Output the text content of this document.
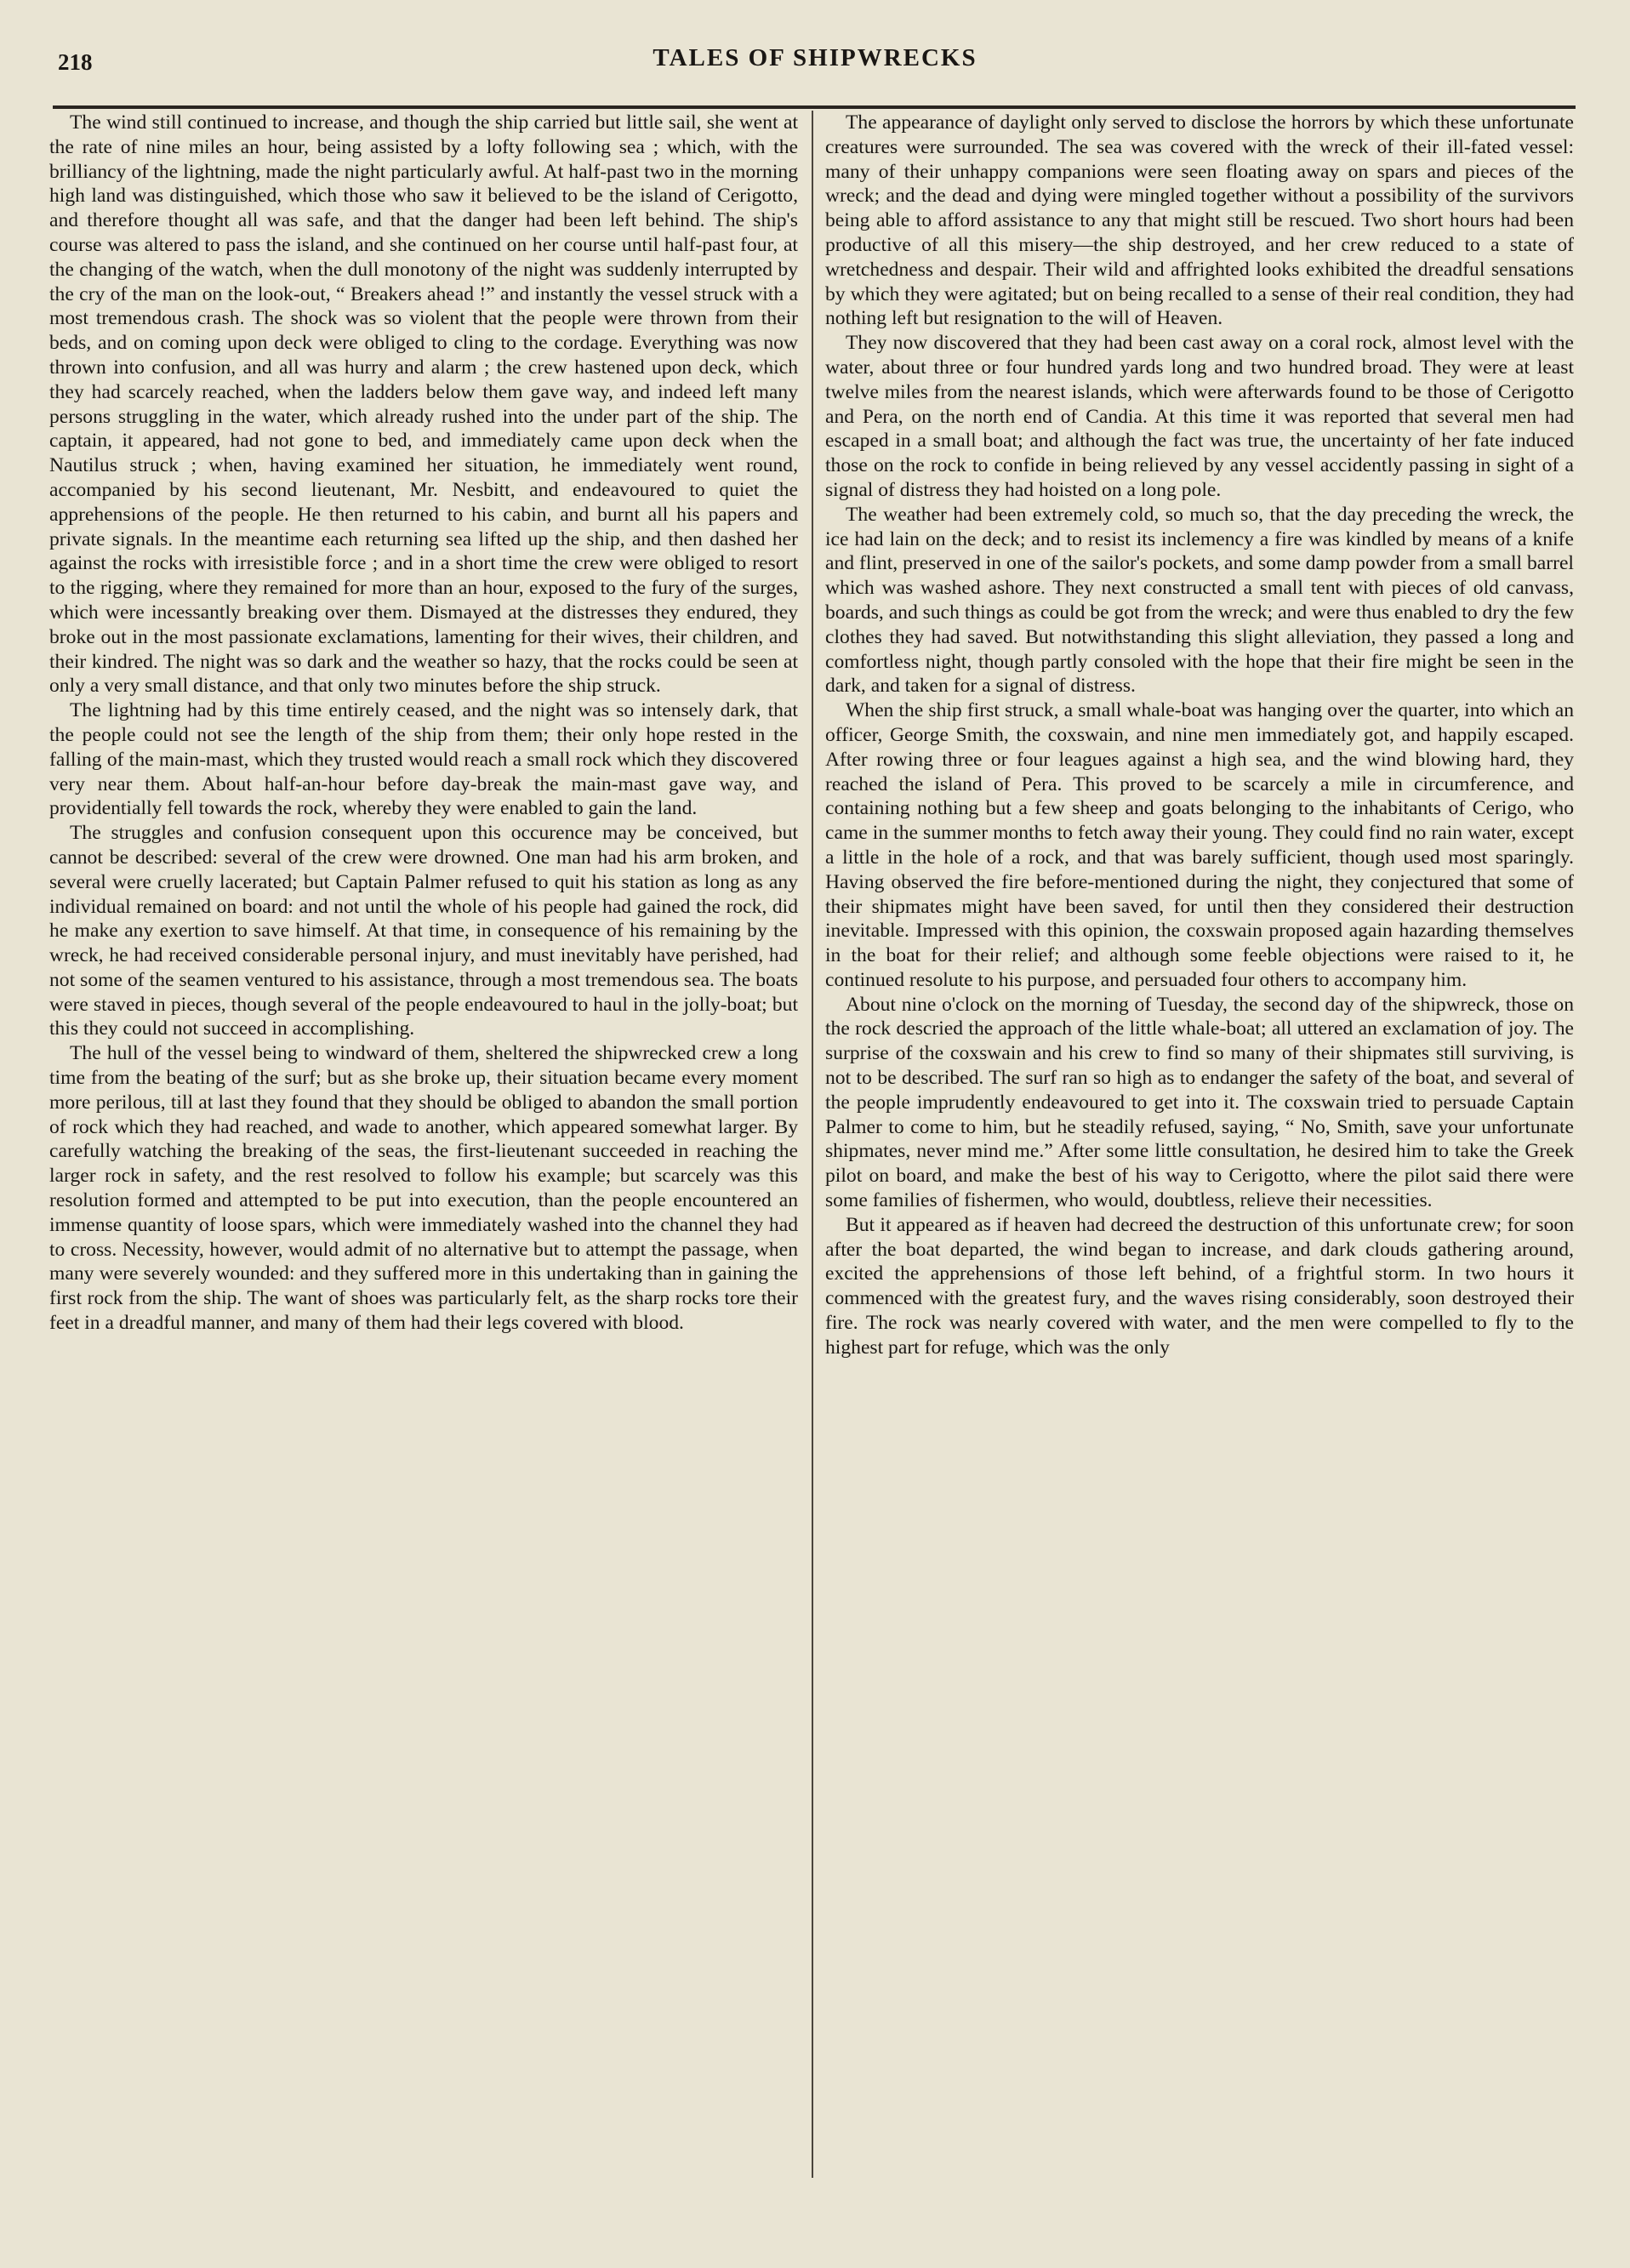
218	TALES OF SHIPWRECKS

The wind still continued to increase, and though the ship carried but little sail, she went at the rate of nine miles an hour, being assisted by a lofty following sea ; which, with the brilliancy of the lightning, made the night particularly awful. At half-past two in the morning high land was distinguished, which those who saw it believed to be the island of Cerigotto, and therefore thought all was safe, and that the danger had been left behind. The ship's course was altered to pass the island, and she continued on her course until half-past four, at the changing of the watch, when the dull monotony of the night was suddenly interrupted by the cry of the man on the look-out, “ Breakers ahead !” and instantly the vessel struck with a most tremendous crash. The shock was so violent that the people were thrown from their beds, and on coming upon deck were obliged to cling to the cordage. Everything was now thrown into confusion, and all was hurry and alarm ; the crew hastened upon deck, which they had scarcely reached, when the ladders below them gave way, and indeed left many persons struggling in the water, which already rushed into the under part of the ship. The captain, it appeared, had not gone to bed, and immediately came upon deck when the Nautilus struck ; when, having examined her situation, he immediately went round, accompanied by his second lieutenant, Mr. Nesbitt, and endeavoured to quiet the apprehensions of the people. He then returned to his cabin, and burnt all his papers and private signals. In the meantime each returning sea lifted up the ship, and then dashed her against the rocks with irresistible force ; and in a short time the crew were obliged to resort to the rigging, where they remained for more than an hour, exposed to the fury of the surges, which were incessantly breaking over them. Dismayed at the distresses they endured, they broke out in the most passionate exclamations, lamenting for their wives, their children, and their kindred. The night was so dark and the weather so hazy, that the rocks could be seen at only a very small distance, and that only two minutes before the ship struck.

The lightning had by this time entirely ceased, and the night was so intensely dark, that the people could not see the length of the ship from them; their only hope rested in the falling of the main-mast, which they trusted would reach a small rock which they discovered very near them. About half-an-hour before day-break the main-mast gave way, and providentially fell towards the rock, whereby they were enabled to gain the land.

The struggles and confusion consequent upon this occurence may be conceived, but cannot be described: several of the crew were drowned. One man had his arm broken, and several were cruelly lacerated; but Captain Palmer refused to quit his station as long as any individual remained on board: and not until the whole of his people had gained the rock, did he make any exertion to save himself. At that time, in consequence of his remaining by the wreck, he had received considerable personal injury, and must inevitably have perished, had not some of the seamen ventured to his assistance, through a most tremendous sea. The boats were staved in pieces, though several of the people endeavoured to haul in the jolly-boat; but this they could not succeed in accomplishing.

The hull of the vessel being to windward of them, sheltered the shipwrecked crew a long time from the beating of the surf; but as she broke up, their situation became every moment more perilous, till at last they found that they should be obliged to abandon the small portion of rock which they had reached, and wade to another, which appeared somewhat larger. By carefully watching the breaking of the seas, the first-lieutenant succeeded in reaching the larger rock in safety, and the rest resolved to follow his example; but scarcely was this resolution formed and attempted to be put into execution, than the people encountered an immense quantity of loose spars, which were immediately washed into the channel they had to cross. Necessity, however, would admit of no alternative but to attempt the passage, when many were severely wounded: and they suffered more in this undertaking than in gaining the first rock from the ship. The want of shoes was particularly felt, as the sharp rocks tore their feet in a dreadful manner, and many of them had their legs covered with blood.

The appearance of daylight only served to disclose the horrors by which these unfortunate creatures were surrounded. The sea was covered with the wreck of their ill-fated vessel: many of their unhappy companions were seen floating away on spars and pieces of the wreck; and the dead and dying were mingled together without a possibility of the survivors being able to afford assistance to any that might still be rescued. Two short hours had been productive of all this misery—the ship destroyed, and her crew reduced to a state of wretchedness and despair. Their wild and affrighted looks exhibited the dreadful sensations by which they were agitated; but on being recalled to a sense of their real condition, they had nothing left but resignation to the will of Heaven.

They now discovered that they had been cast away on a coral rock, almost level with the water, about three or four hundred yards long and two hundred broad. They were at least twelve miles from the nearest islands, which were afterwards found to be those of Cerigotto and Pera, on the north end of Candia. At this time it was reported that several men had escaped in a small boat; and although the fact was true, the uncertainty of her fate induced those on the rock to confide in being relieved by any vessel accidently passing in sight of a signal of distress they had hoisted on a long pole.

The weather had been extremely cold, so much so, that the day preceding the wreck, the ice had lain on the deck; and to resist its inclemency a fire was kindled by means of a knife and flint, preserved in one of the sailor's pockets, and some damp powder from a small barrel which was washed ashore. They next constructed a small tent with pieces of old canvass, boards, and such things as could be got from the wreck; and were thus enabled to dry the few clothes they had saved. But notwithstanding this slight alleviation, they passed a long and comfortless night, though partly consoled with the hope that their fire might be seen in the dark, and taken for a signal of distress.

When the ship first struck, a small whale-boat was hanging over the quarter, into which an officer, George Smith, the coxswain, and nine men immediately got, and happily escaped. After rowing three or four leagues against a high sea, and the wind blowing hard, they reached the island of Pera. This proved to be scarcely a mile in circumference, and containing nothing but a few sheep and goats belonging to the inhabitants of Cerigo, who came in the summer months to fetch away their young. They could find no rain water, except a little in the hole of a rock, and that was barely sufficient, though used most sparingly. Having observed the fire before-mentioned during the night, they conjectured that some of their shipmates might have been saved, for until then they considered their destruction inevitable. Impressed with this opinion, the coxswain proposed again hazarding themselves in the boat for their relief; and although some feeble objections were raised to it, he continued resolute to his purpose, and persuaded four others to accompany him.

About nine o'clock on the morning of Tuesday, the second day of the shipwreck, those on the rock descried the approach of the little whale-boat; all uttered an exclamation of joy. The surprise of the coxswain and his crew to find so many of their shipmates still surviving, is not to be described. The surf ran so high as to endanger the safety of the boat, and several of the people imprudently endeavoured to get into it. The coxswain tried to persuade Captain Palmer to come to him, but he steadily refused, saying, “ No, Smith, save your unfortunate shipmates, never mind me.” After some little consultation, he desired him to take the Greek pilot on board, and make the best of his way to Cerigotto, where the pilot said there were some families of fishermen, who would, doubtless, relieve their necessities.

But it appeared as if heaven had decreed the destruction of this unfortunate crew; for soon after the boat departed, the wind began to increase, and dark clouds gathering around, excited the apprehensions of those left behind, of a frightful storm. In two hours it commenced with the greatest fury, and the waves rising considerably, soon destroyed their fire. The rock was nearly covered with water, and the men were compelled to fly to the highest part for refuge, which was the only
